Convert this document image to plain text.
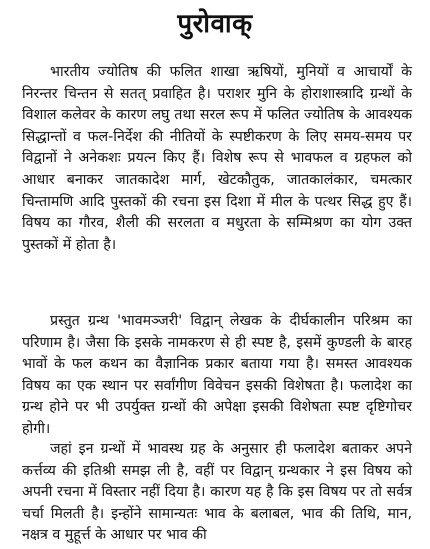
पुरोवाक्

भारतीय ज्योतिष की फलित शाखा ऋषियों, मुनियों व आचार्यों के निरन्तर चिन्तन से सतत् प्रवाहित है। पराशर मुनि के होराशास्त्रादि ग्रन्थों के विशाल कलेवर के कारण लघु तथा सरल रूप में फलित ज्योतिष के आवश्यक सिद्धान्तों व फल-निर्देश की नीतियों के स्पष्टीकरण के लिए समय-समय पर विद्वानों ने अनेकशः प्रयत्न किए हैं। विशेष रूप से भावफल व ग्रहफल को आधार बनाकर जातकादेश मार्ग, खेटकौतुक, जातकालंकार, चमत्कार चिन्तामणि आदि पुस्तकों की रचना इस दिशा में मील के पत्थर सिद्ध हुए हैं। विषय का गौरव, शैली की सरलता व मधुरता के सम्मिश्रण का योग उक्त पुस्तकों में होता है।

प्रस्तुत ग्रन्थ 'भावमञ्जरी' विद्वान् लेखक के दीर्घकालीन परिश्रम का परिणाम है। जैसा कि इसके नामकरण से ही स्पष्ट है, इसमें कुण्डली के बारह भावों के फल कथन का वैज्ञानिक प्रकार बताया गया है। समस्त आवश्यक विषय का एक स्थान पर सर्वांगीण विवेचन इसकी विशेषता है। फलादेश का ग्रन्थ होने पर भी उपर्युक्त ग्रन्थों की अपेक्षा इसकी विशेषता स्पष्ट दृष्टिगोचर होगी।

जहां इन ग्रन्थों में भावस्थ ग्रह के अनुसार ही फलादेश बताकर अपने कर्त्तव्य की इतिश्री समझ ली है, वहीं पर विद्वान् ग्रन्थकार ने इस विषय को अपनी रचना में विस्तार नहीं दिया है। कारण यह है कि इस विषय पर तो सर्वत्र चर्चा मिलती है। इन्होंने सामान्यतः भाव के बलाबल, भाव की तिथि, मान, नक्षत्र व मुहूर्त्त के आधार पर भाव की
